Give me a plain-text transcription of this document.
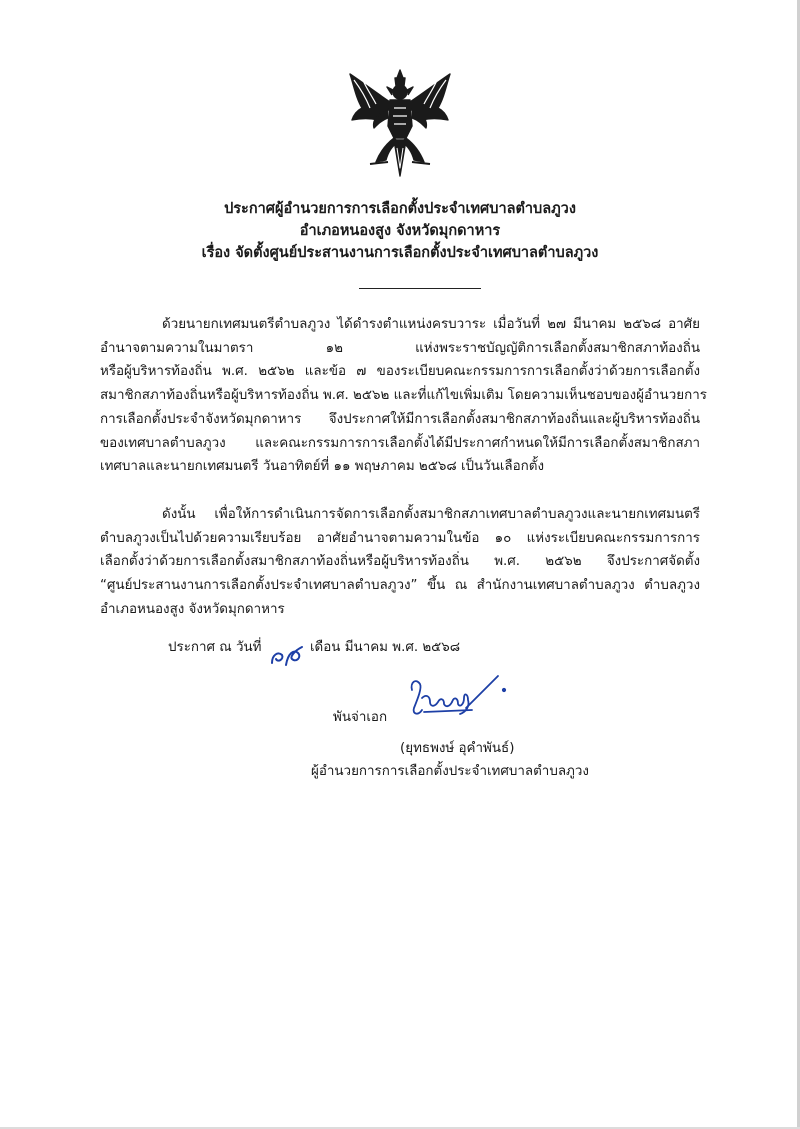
ประกาศผู้อำนวยการการเลือกตั้งประจำเทศบาลตำบลภูวง
อำเภอหนองสูง จังหวัดมุกดาหาร
เรื่อง จัดตั้งศูนย์ประสานงานการเลือกตั้งประจำเทศบาลตำบลภูวง
ด้วยนายกเทศมนตรีตำบลภูวง ได้ดำรงตำแหน่งครบวาระ เมื่อวันที่ ๒๗ มีนาคม ๒๕๖๘ อาศัย
อำนาจตามความในมาตรา ๑๒ แห่งพระราชบัญญัติการเลือกตั้งสมาชิกสภาท้องถิ่น
หรือผู้บริหารท้องถิ่น พ.ศ. ๒๕๖๒ และข้อ ๗ ของระเบียบคณะกรรมการการเลือกตั้งว่าด้วยการเลือกตั้ง
สมาชิกสภาท้องถิ่นหรือผู้บริหารท้องถิ่น พ.ศ. ๒๕๖๒ และที่แก้ไขเพิ่มเติม โดยความเห็นชอบของผู้อำนวยการ
การเลือกตั้งประจำจังหวัดมุกดาหาร จึงประกาศให้มีการเลือกตั้งสมาชิกสภาท้องถิ่นและผู้บริหารท้องถิ่น
ของเทศบาลตำบลภูวง และคณะกรรมการการเลือกตั้งได้มีประกาศกำหนดให้มีการเลือกตั้งสมาชิกสภา
เทศบาลและนายกเทศมนตรี วันอาทิตย์ที่ ๑๑ พฤษภาคม ๒๕๖๘ เป็นวันเลือกตั้ง
ดังนั้น เพื่อให้การดำเนินการจัดการเลือกตั้งสมาชิกสภาเทศบาลตำบลภูวงและนายกเทศมนตรี
ตำบลภูวงเป็นไปด้วยความเรียบร้อย อาศัยอำนาจตามความในข้อ ๑๐ แห่งระเบียบคณะกรรมการการ
เลือกตั้งว่าด้วยการเลือกตั้งสมาชิกสภาท้องถิ่นหรือผู้บริหารท้องถิ่น พ.ศ. ๒๕๖๒ จึงประกาศจัดตั้ง
“ศูนย์ประสานงานการเลือกตั้งประจำเทศบาลตำบลภูวง” ขึ้น ณ สำนักงานเทศบาลตำบลภูวง ตำบลภูวง
อำเภอหนองสูง จังหวัดมุกดาหาร
ประกาศ ณ วันที่	เดือน มีนาคม พ.ศ. ๒๕๖๘
พันจ่าเอก
(ยุทธพงษ์ อุคำพันธ์)
ผู้อำนวยการการเลือกตั้งประจำเทศบาลตำบลภูวง
